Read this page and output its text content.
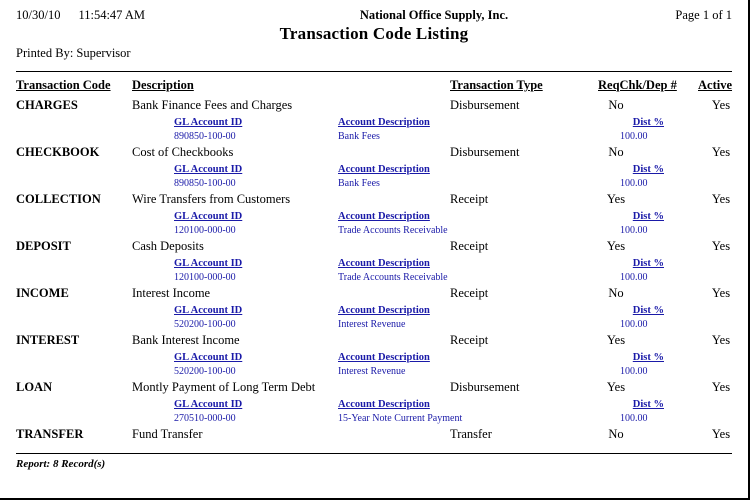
10/30/10 11:54:47 AM	National Office Supply, Inc.	Page 1 of 1
Transaction Code Listing
Printed By: Supervisor
Transaction Code Description	Transaction Type	ReqChk/Dep # Active
CHARGES	Bank Finance Fees and Charges	Disbursement	No	Yes
GL Account ID	Account Description	Dist %
890850-100-00	Bank Fees	100.00
CHECKBOOK	Cost of Checkbooks	Disbursement	No	Yes
GL Account ID	Account Description	Dist %
890850-100-00	Bank Fees	100.00
COLLECTION	Wire Transfers from Customers	Receipt	Yes	Yes
GL Account ID	Account Description	Dist %
120100-000-00	Trade Accounts Receivable	100.00
DEPOSIT	Cash Deposits	Receipt	Yes	Yes
GL Account ID	Account Description	Dist %
120100-000-00	Trade Accounts Receivable	100.00
INCOME	Interest Income	Receipt	No	Yes
GL Account ID	Account Description	Dist %
520200-100-00	Interest Revenue	100.00
INTEREST	Bank Interest Income	Receipt	Yes	Yes
GL Account ID	Account Description	Dist %
520200-100-00	Interest Revenue	100.00
LOAN	Montly Payment of Long Term Debt	Disbursement	Yes	Yes
GL Account ID	Account Description	Dist %
270510-000-00	15-Year Note Current Payment	100.00
TRANSFER	Fund Transfer	Transfer	No	Yes
Report: 8 Record(s)
